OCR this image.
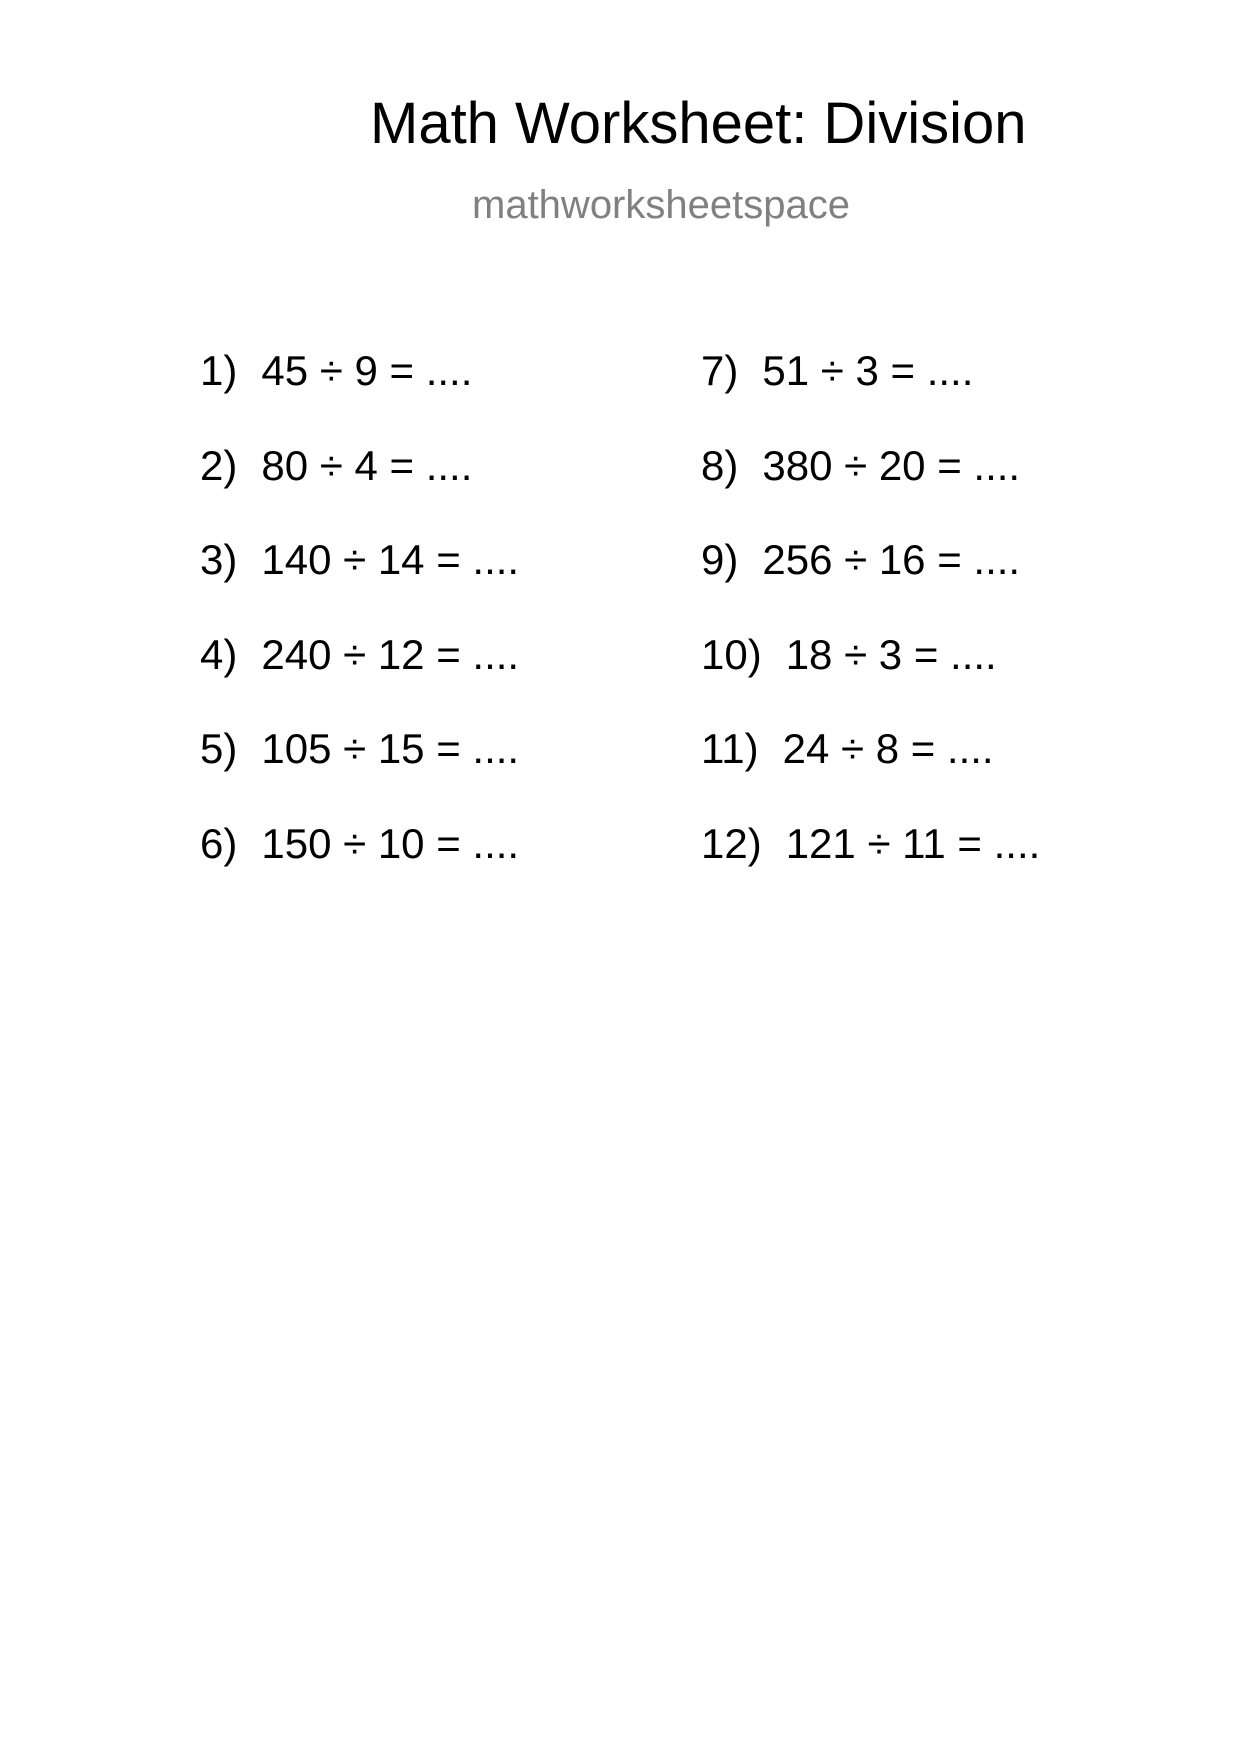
Math Worksheet: Division
mathworksheetspace
1) 45 ÷ 9 = ....
2) 80 ÷ 4 = ....
3) 140 ÷ 14 = ....
4) 240 ÷ 12 = ....
5) 105 ÷ 15 = ....
6) 150 ÷ 10 = ....
7) 51 ÷ 3 = ....
8) 380 ÷ 20 = ....
9) 256 ÷ 16 = ....
10) 18 ÷ 3 = ....
11) 24 ÷ 8 = ....
12) 121 ÷ 11 = ....
